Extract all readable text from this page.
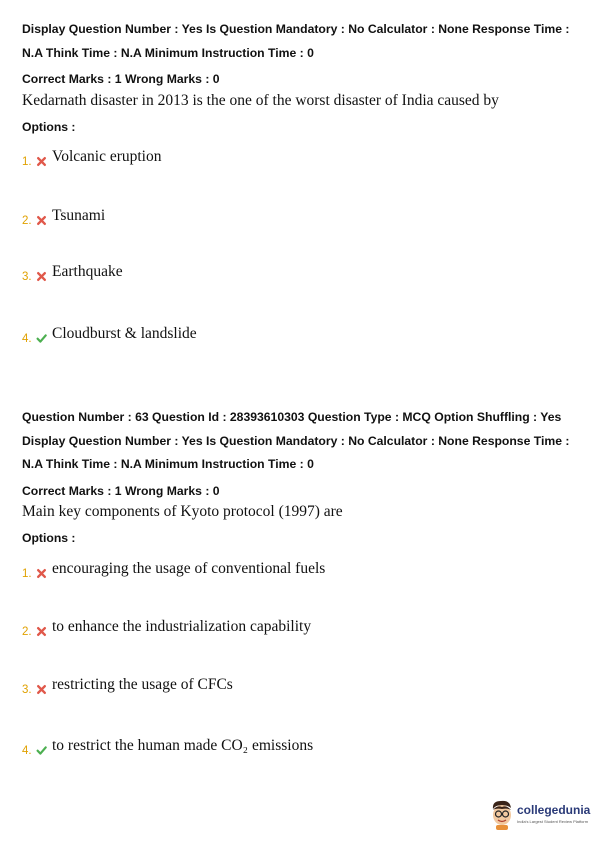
Display Question Number : Yes Is Question Mandatory : No Calculator : None Response Time : N.A Think Time : N.A Minimum Instruction Time : 0

Correct Marks : 1 Wrong Marks : 0

Kedarnath disaster in 2013 is the one of the worst disaster of India caused by

Options :

1. Volcanic eruption
2. Tsunami
3. Earthquake
4. Cloudburst & landslide

Question Number : 63 Question Id : 28393610303 Question Type : MCQ Option Shuffling : Yes Display Question Number : Yes Is Question Mandatory : No Calculator : None Response Time : N.A Think Time : N.A Minimum Instruction Time : 0

Correct Marks : 1 Wrong Marks : 0

Main key components of Kyoto protocol (1997) are

Options :

1. encouraging the usage of conventional fuels
2. to enhance the industrialization capability
3. restricting the usage of CFCs
4. to restrict the human made CO₂ emissions
collegedunia
India's Largest Student Review Platform
